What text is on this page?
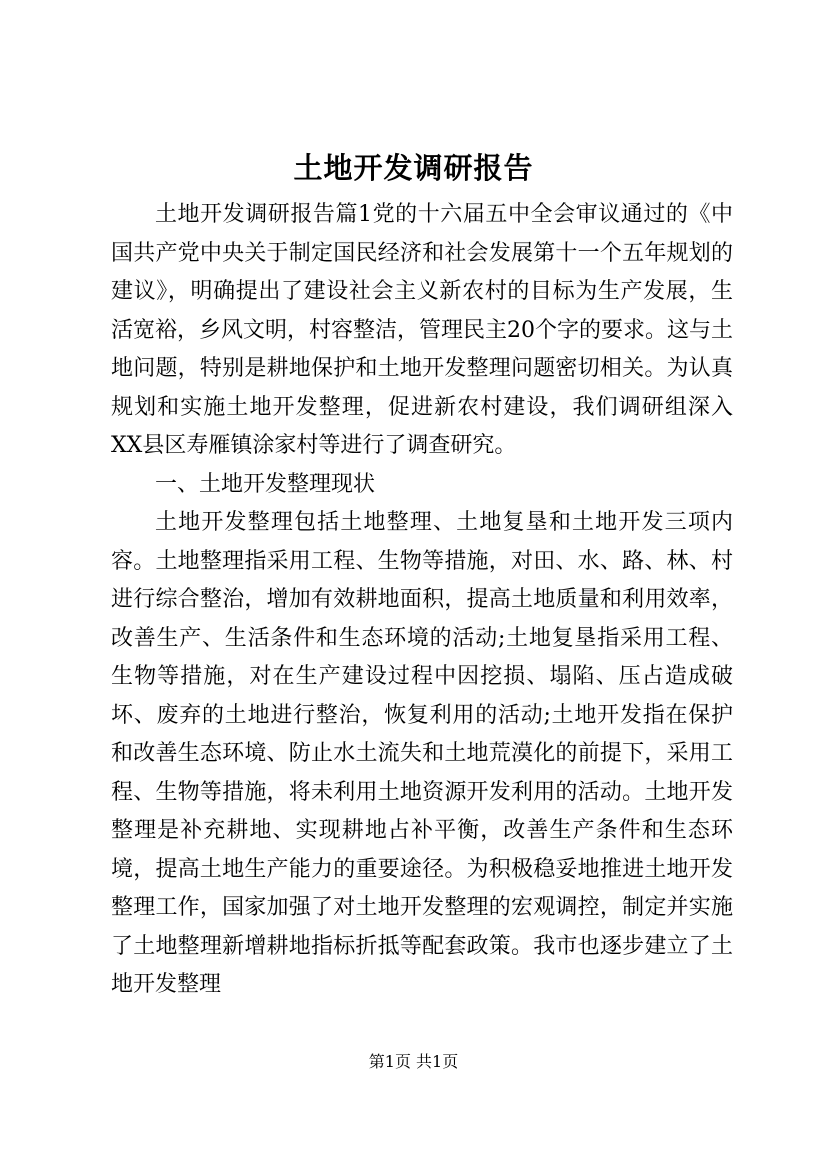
土地开发调研报告

土地开发调研报告篇1党的十六届五中全会审议通过的《中国共产党中央关于制定国民经济和社会发展第十一个五年规划的建议》，明确提出了建设社会主义新农村的目标为生产发展，生活宽裕，乡风文明，村容整洁，管理民主20个字的要求。这与土地问题，特别是耕地保护和土地开发整理问题密切相关。为认真规划和实施土地开发整理，促进新农村建设，我们调研组深入XX县区寿雁镇涂家村等进行了调查研究。

一、土地开发整理现状

土地开发整理包括土地整理、土地复垦和土地开发三项内容。土地整理指采用工程、生物等措施，对田、水、路、林、村进行综合整治，增加有效耕地面积，提高土地质量和利用效率，改善生产、生活条件和生态环境的活动;土地复垦指采用工程、生物等措施，对在生产建设过程中因挖损、塌陷、压占造成破坏、废弃的土地进行整治，恢复利用的活动;土地开发指在保护和改善生态环境、防止水土流失和土地荒漠化的前提下，采用工程、生物等措施，将未利用土地资源开发利用的活动。土地开发整理是补充耕地、实现耕地占补平衡，改善生产条件和生态环境，提高土地生产能力的重要途径。为积极稳妥地推进土地开发整理工作，国家加强了对土地开发整理的宏观调控，制定并实施了土地整理新增耕地指标折抵等配套政策。我市也逐步建立了土地开发整理

第1页 共1页
